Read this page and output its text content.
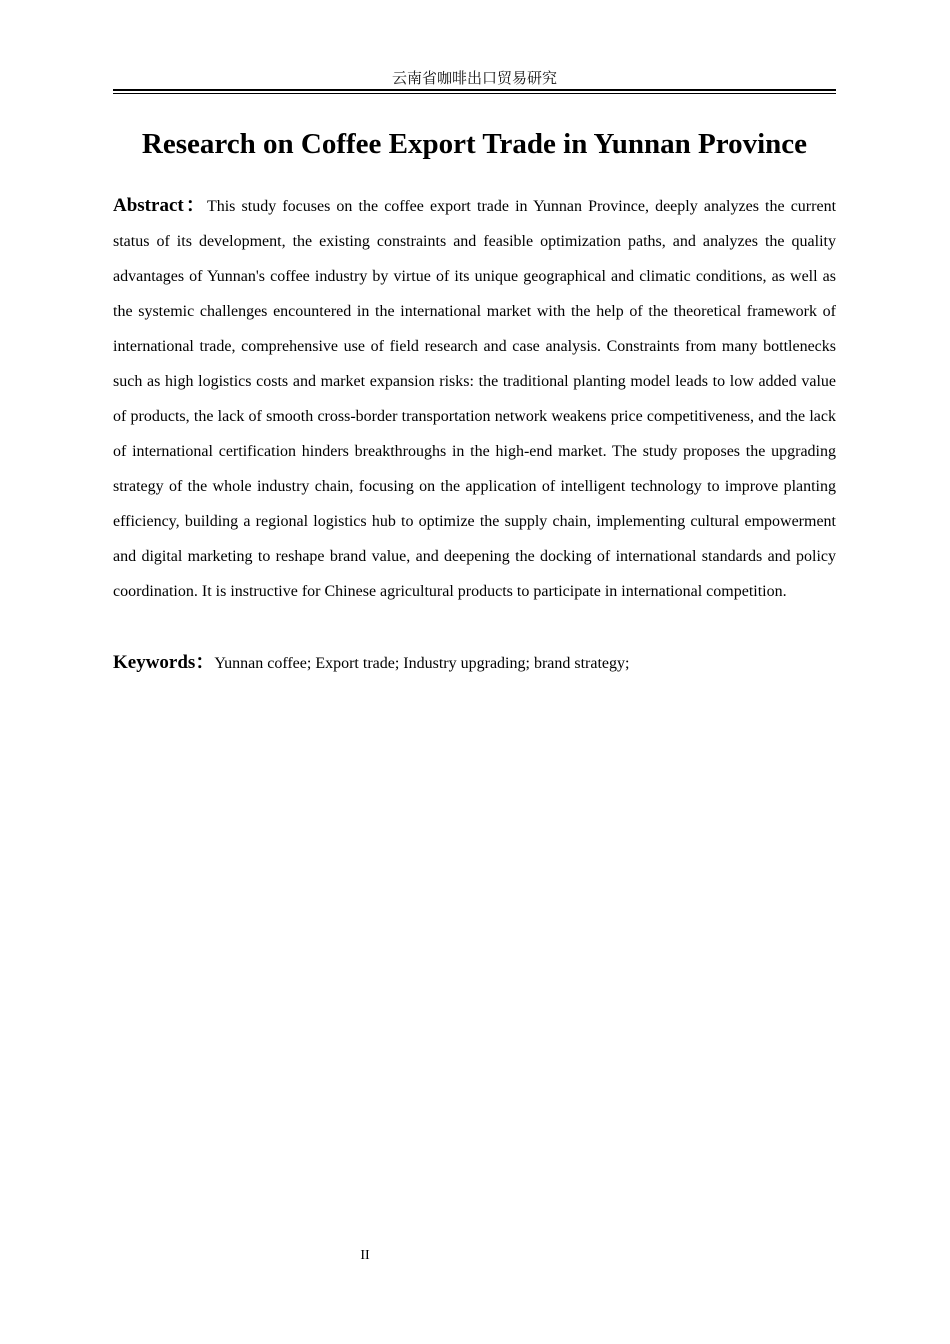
云南省咖啡出口贸易研究
Research on Coffee Export Trade in Yunnan Province

Abstract：This study focuses on the coffee export trade in Yunnan Province, deeply analyzes the current status of its development, the existing constraints and feasible optimization paths, and analyzes the quality advantages of Yunnan's coffee industry by virtue of its unique geographical and climatic conditions, as well as the systemic challenges encountered in the international market with the help of the theoretical framework of international trade, comprehensive use of field research and case analysis. Constraints from many bottlenecks such as high logistics costs and market expansion risks: the traditional planting model leads to low added value of products, the lack of smooth cross-border transportation network weakens price competitiveness, and the lack of international certification hinders breakthroughs in the high-end market. The study proposes the upgrading strategy of the whole industry chain, focusing on the application of intelligent technology to improve planting efficiency, building a regional logistics hub to optimize the supply chain, implementing cultural empowerment and digital marketing to reshape brand value, and deepening the docking of international standards and policy coordination. It is instructive for Chinese agricultural products to participate in international competition.

Keywords：Yunnan coffee; Export trade; Industry upgrading; brand strategy;

II
